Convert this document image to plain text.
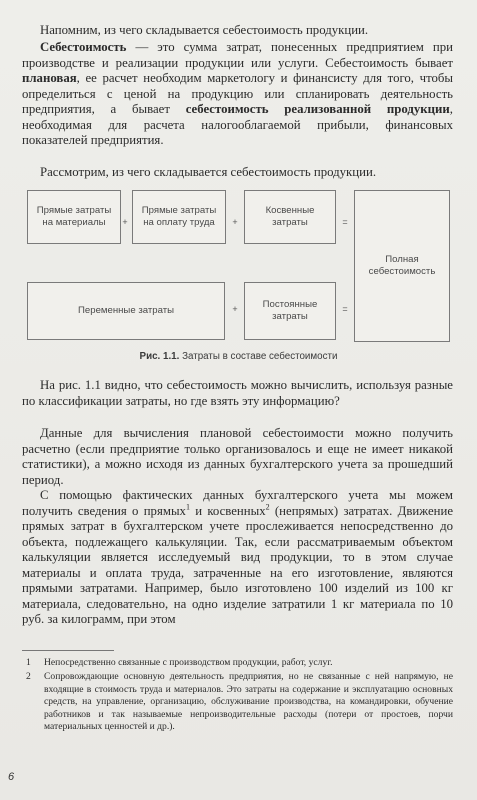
Напомним, из чего складывается себестоимость продукции.
Себестоимость — это сумма затрат, понесенных предприятием при производстве и реализации продукции или услуги. Себестоимость бывает плановая, ее расчет необходим маркетологу и финансисту для того, чтобы определиться с ценой на продукцию или спланировать деятельность предприятия, а бывает себестоимость реализованной продукции, необходимая для расчета налогооблагаемой прибыли, финансовых показателей предприятия.
Рассмотрим, из чего складывается себестоимость продукции.
Прямые затраты на материалы	+
Прямые затраты на оплату труда	+
Косвенные затраты	=
Полная себестоимость
Переменные затраты	+	Постоянные затраты
=
Рис. 1.1. Затраты в составе себестоимости
На рис. 1.1 видно, что себестоимость можно вычислить, используя разные по классификации затраты, но где взять эту информацию?
Данные для вычисления плановой себестоимости можно получить расчетно (если предприятие только организовалось и еще не имеет никакой статистики), а можно исходя из данных бухгалтерского учета за прошедший период.
С помощью фактических данных бухгалтерского учета мы можем получить сведения о прямых$^1$ и косвенных$^2$ (непрямых) затратах. Движение прямых затрат в бухгалтерском учете прослеживается непосредственно до объекта, подлежащего калькуляции. Так, если рассматриваемым объектом калькуляции является исследуемый вид продукции, то в этом случае материалы и оплата труда, затраченные на его изготовление, являются прямыми затратами. Например, было изготовлено 100 изделий из 100 кг материала, следовательно, на одно изделие затратили 1 кг материала по 10 руб. за килограмм, при этом
1 Непосредственно связанные с производством продукции, работ, услуг.
2 Сопровождающие основную деятельность предприятия, но не связанные с ней напрямую, не входящие в стоимость труда и материалов. Это затраты на содержание и эксплуатацию основных средств, на управление, организацию, обслуживание производства, на командировки, обучение работников и так называемые непроизводительные расходы (потери от простоев, порчи материальных ценностей и др.).
6
